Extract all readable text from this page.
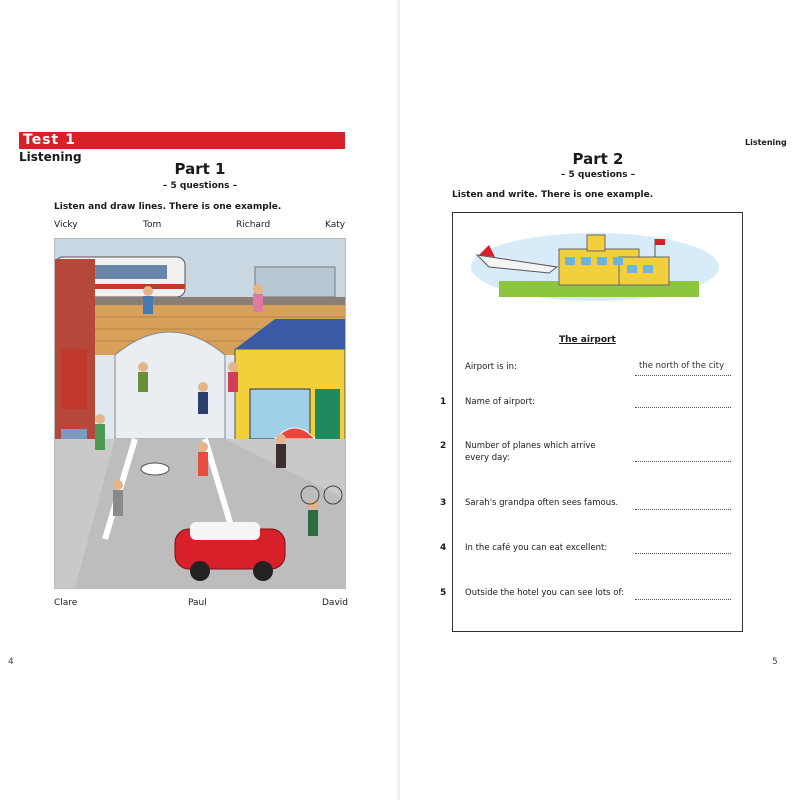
Test 1
Listening
Part 1
– 5 questions –
Listen and draw lines. There is one example.
Vicky	Tom	Richard	Katy
Clare	Paul	David
4
Listening
Part 2
– 5 questions –
Listen and write. There is one example.
The airport
Airport is in:	the north of the city
1 Name of airport:
2 Number of planes which arrive every day:
3 Sarah's grandpa often sees famous.
4 In the café you can eat excellent:
5 Outside the hotel you can see lots of:
5
